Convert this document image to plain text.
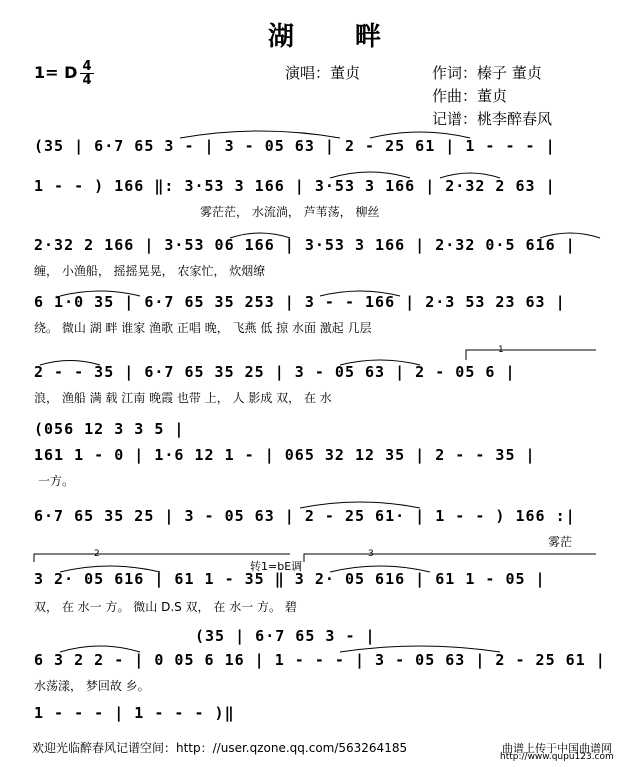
湖 畔
1= D $\frac{4}{4}$	演唱：董贞	作词：榛子 董贞
作曲：董贞
记谱：桃李醉春风
(35 | 6·7 65 3 - | 3 - 05 63 | 2 - 25 61 | 1 - - - |
1 - - ) 166 ‖: 3·53 3 166 | 3·53 3 166 | 2·32 2 63 |
雾茫茫， 水流淌， 芦苇荡， 柳丝
2·32 2 166 | 3·53 06 166 | 3·53 3 166 | 2·32 0·5 616 |
缠， 小渔船， 摇摇晃晃， 农家忙， 炊烟缭
6 1·0 35 | 6·7 65 35 253 | 3 - - 166 | 2·3 53 23 63 |
绕。 微山 湖 畔 谁家 渔歌 正唱 晚， 飞燕 低 掠 水面 激起 几层
2 - - 35 | 6·7 65 35 25 | 3 - 05 63 | 2 - 05 6 |
浪， 渔船 满 载 江南 晚霞 也带 上， 人 影成 双， 在 水
(056 12 3 3 5 |
161 1 - 0 | 1·6 12 1 - | 065 32 12 35 | 2 - - 35 |
一方。
6·7 65 35 25 | 3 - 05 63 | 2 - 25 61· | 1 - - ) 166 :|
雾茫
转1=bE调
3 2· 05 616 | 61 1 - 35 ‖ 3 2· 05 616 | 61 1 - 05 |
双， 在 水一 方。 微山 D.S 双， 在 水一 方。 碧
(35 | 6·7 65 3 - |
6 3 2 2 - | 0 05 6 16 | 1 - - - | 3 - 05 63 | 2 - 25 61 |
水荡漾， 梦回故 乡。
1 - - - | 1 - - - )‖
欢迎光临醉春风记谱空间：http：//user.qzone.qq.com/563264185	曲谱上传于中国曲谱网
http://www.qupu123.com
1
2	3
